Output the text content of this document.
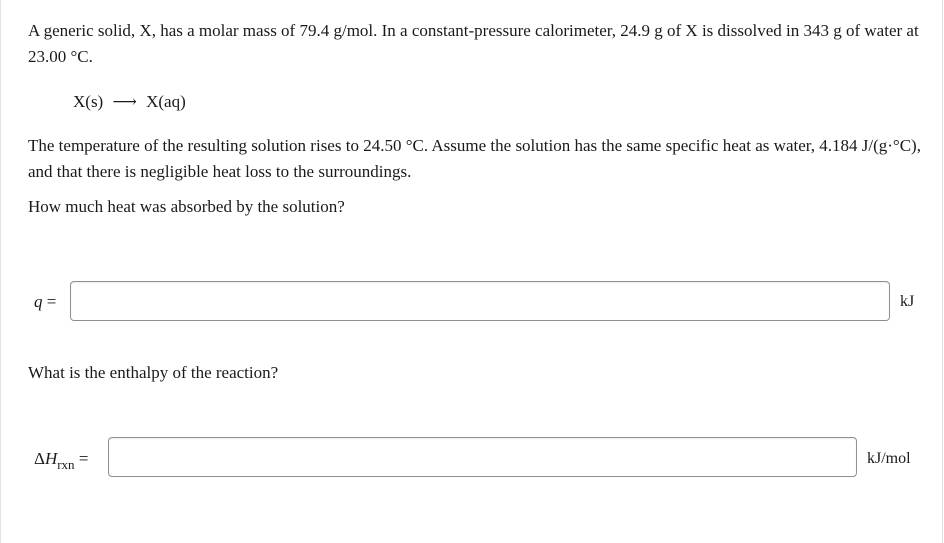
A generic solid, X, has a molar mass of 79.4 g/mol. In a constant-pressure calorimeter, 24.9 g of X is dissolved in 343 g of water at 23.00 °C.
X(s) ⟶ X(aq)
The temperature of the resulting solution rises to 24.50 °C. Assume the solution has the same specific heat as water, 4.184 J/(g·°C), and that there is negligible heat loss to the surroundings.
How much heat was absorbed by the solution?
q =	kJ
What is the enthalpy of the reaction?
$\Delta H_{rxn}$ =	kJ/mol
